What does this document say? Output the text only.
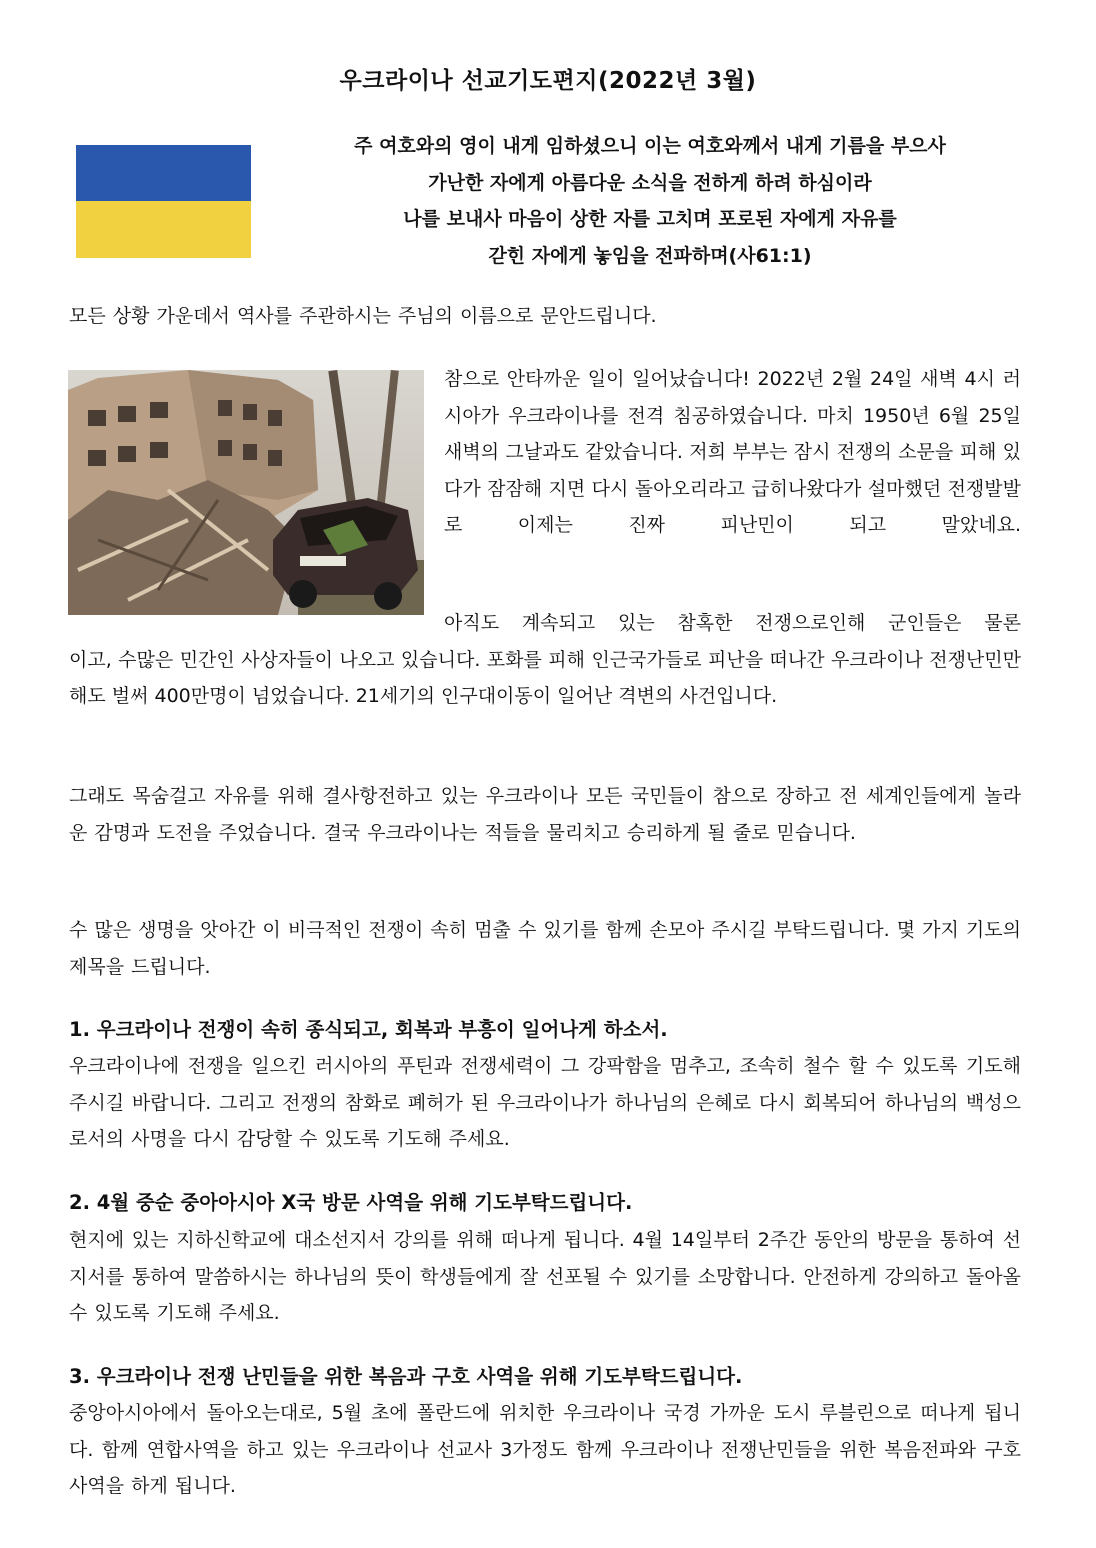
우크라이나 선교기도편지(2022년 3월)
주 여호와의 영이 내게 임하셨으니 이는 여호와께서 내게 기름을 부으사
가난한 자에게 아름다운 소식을 전하게 하려 하심이라
나를 보내사 마음이 상한 자를 고치며 포로된 자에게 자유를
갇힌 자에게 놓임을 전파하며(사61:1)
모든 상황 가운데서 역사를 주관하시는 주님의 이름으로 문안드립니다.
참으로 안타까운 일이 일어났습니다! 2022년 2월 24일 새벽 4시 러시아가 우크라이나를 전격 침공하였습니다. 마치 1950년 6월 25일 새벽의 그날과도 같았습니다. 저희 부부는 잠시 전쟁의 소문을 피해 있다가 잠잠해 지면 다시 돌아오리라고 급히나왔다가 설마했던 전쟁발발로 이제는 진짜 피난민이 되고 말았네요.
아직도 계속되고 있는 참혹한 전쟁으로인해 군인들은 물론
이고, 수많은 민간인 사상자들이 나오고 있습니다. 포화를 피해 인근국가들로 피난을 떠나간 우크라이나 전쟁난민만 해도 벌써 400만명이 넘었습니다. 21세기의 인구대이동이 일어난 격변의 사건입니다.
그래도 목숨걸고 자유를 위해 결사항전하고 있는 우크라이나 모든 국민들이 참으로 장하고 전 세계인들에게 놀라운 감명과 도전을 주었습니다. 결국 우크라이나는 적들을 물리치고 승리하게 될 줄로 믿습니다.
수 많은 생명을 앗아간 이 비극적인 전쟁이 속히 멈출 수 있기를 함께 손모아 주시길 부탁드립니다. 몇 가지 기도의 제목을 드립니다.
1. 우크라이나 전쟁이 속히 종식되고, 회복과 부흥이 일어나게 하소서.
우크라이나에 전쟁을 일으킨 러시아의 푸틴과 전쟁세력이 그 강팍함을 멈추고, 조속히 철수 할 수 있도록 기도해 주시길 바랍니다. 그리고 전쟁의 참화로 폐허가 된 우크라이나가 하나님의 은혜로 다시 회복되어 하나님의 백성으로서의 사명을 다시 감당할 수 있도록 기도해 주세요.
2. 4월 중순 중아아시아 X국 방문 사역을 위해 기도부탁드립니다.
현지에 있는 지하신학교에 대소선지서 강의를 위해 떠나게 됩니다. 4월 14일부터 2주간 동안의 방문을 통하여 선지서를 통하여 말씀하시는 하나님의 뜻이 학생들에게 잘 선포될 수 있기를 소망합니다. 안전하게 강의하고 돌아올 수 있도록 기도해 주세요.
3. 우크라이나 전쟁 난민들을 위한 복음과 구호 사역을 위해 기도부탁드립니다.
중앙아시아에서 돌아오는대로, 5월 초에 폴란드에 위치한 우크라이나 국경 가까운 도시 루블린으로 떠나게 됩니다. 함께 연합사역을 하고 있는 우크라이나 선교사 3가정도 함께 우크라이나 전쟁난민들을 위한 복음전파와 구호사역을 하게 됩니다.
